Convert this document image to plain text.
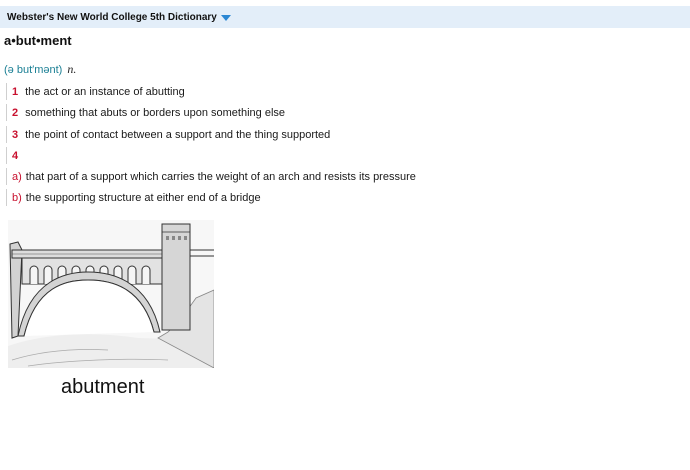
Webster's New World College 5th Dictionary
a•but•ment
(ə but′mənt) n.
1 the act or an instance of abutting
2 something that abuts or borders upon something else
3 the point of contact between a support and the thing supported
4
a) that part of a support which carries the weight of an arch and resists its pressure
b) the supporting structure at either end of a bridge
abutment
